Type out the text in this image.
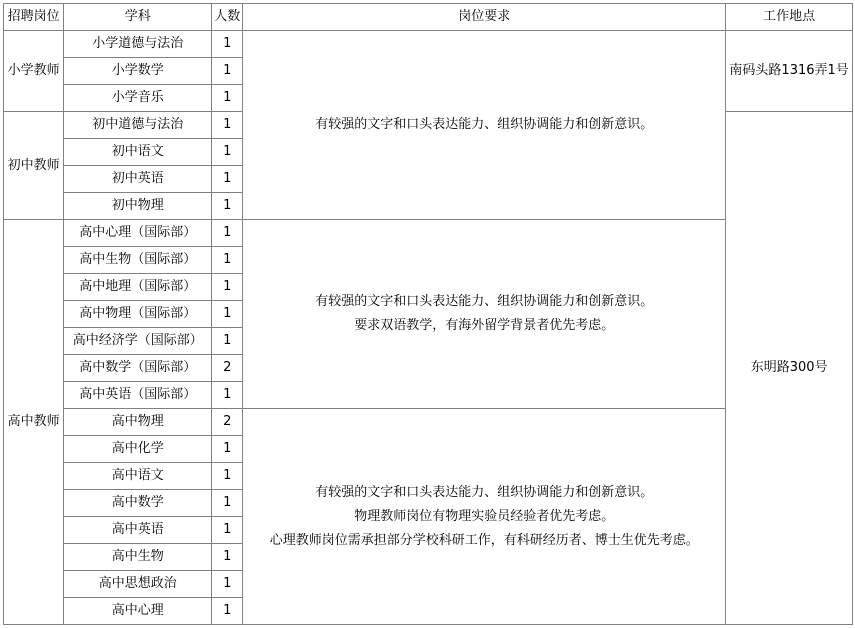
招聘岗位	学科	人数	岗位要求	工作地点
小学教师	小学道德与法治	1	有较强的文字和口头表达能力、组织协调能力和创新意识。	南码头路1316弄1号
	小学数学	1		
	小学音乐	1		
初中教师	初中道德与法治	1		东明路300号
	初中语文	1		
	初中英语	1		
	初中物理	1		
高中教师	高中心理（国际部）	1	有较强的文字和口头表达能力、组织协调能力和创新意识。
要求双语教学，有海外留学背景者优先考虑。	

	高中生物（国际部）	1		
	高中地理（国际部）	1		
	高中物理（国际部）	1		
	高中经济学（国际部）	1		
	高中数学（国际部）	2		
	高中英语（国际部）	1		
	高中物理	2	有较强的文字和口头表达能力、组织协调能力和创新意识。
物理教师岗位有物理实验员经验者优先考虑。
心理教师岗位需承担部分学校科研工作，有科研经历者、博士生优先考虑。	

	高中化学	1		
	高中语文	1		
	高中数学	1		
	高中英语	1		
	高中生物	1		
	高中思想政治	1		
	高中心理	1		
